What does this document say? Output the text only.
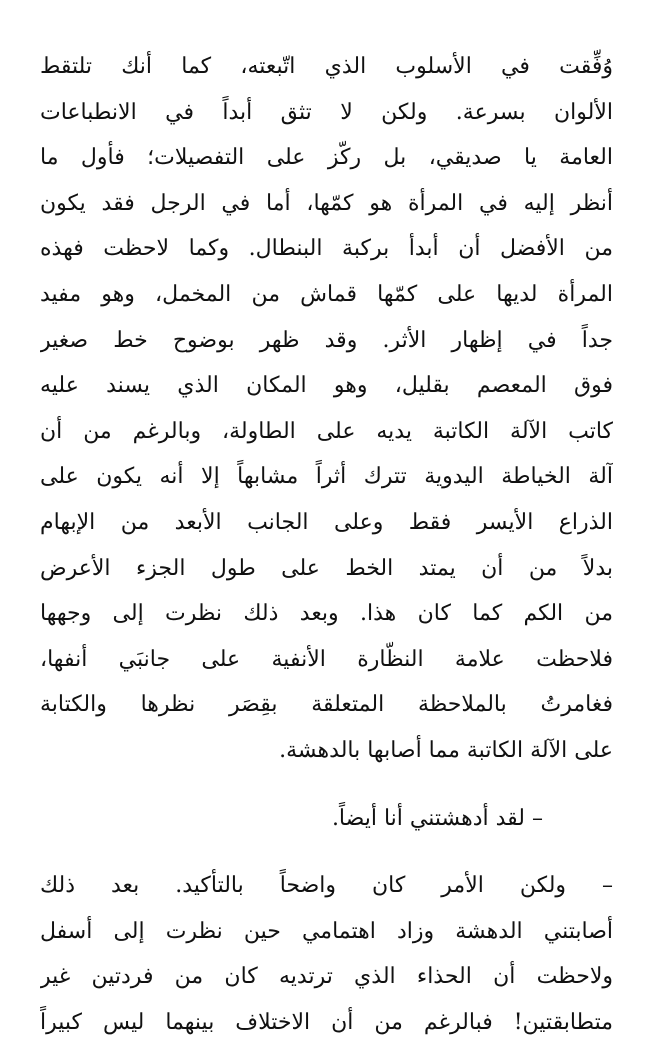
وُفِّقت في الأسلوب الذي اتّبعته، كما أنك تلتقط
الألوان بسرعة. ولكن لا تثق أبداً في الانطباعات
العامة يا صديقي، بل ركّز على التفصيلات؛ فأول ما
أنظر إليه في المرأة هو كمّها، أما في الرجل فقد يكون
من الأفضل أن أبدأ بركبة البنطال. وكما لاحظت فهذه
المرأة لديها على كمّها قماش من المخمل، وهو مفيد
جداً في إظهار الأثر. وقد ظهر بوضوح خط صغير
فوق المعصم بقليل، وهو المكان الذي يسند عليه
كاتب الآلة الكاتبة يديه على الطاولة، وبالرغم من أن
آلة الخياطة اليدوية تترك أثراً مشابهاً إلا أنه يكون على
الذراع الأيسر فقط وعلى الجانب الأبعد من الإبهام
بدلاً من أن يمتد الخط على طول الجزء الأعرض
من الكم كما كان هذا. وبعد ذلك نظرت إلى وجهها
فلاحظت علامة النظّارة الأنفية على جانبَي أنفها،
فغامرتُ بالملاحظة المتعلقة بقِصَر نظرها والكتابة
على الآلة الكاتبة مما أصابها بالدهشة.
– لقد أدهشتني أنا أيضاً.
– ولكن الأمر كان واضحاً بالتأكيد. بعد ذلك
أصابتني الدهشة وزاد اهتمامي حين نظرت إلى أسفل
ولاحظت أن الحذاء الذي ترتديه كان من فردتين غير
متطابقتين! فبالرغم من أن الاختلاف بينهما ليس كبيراً
